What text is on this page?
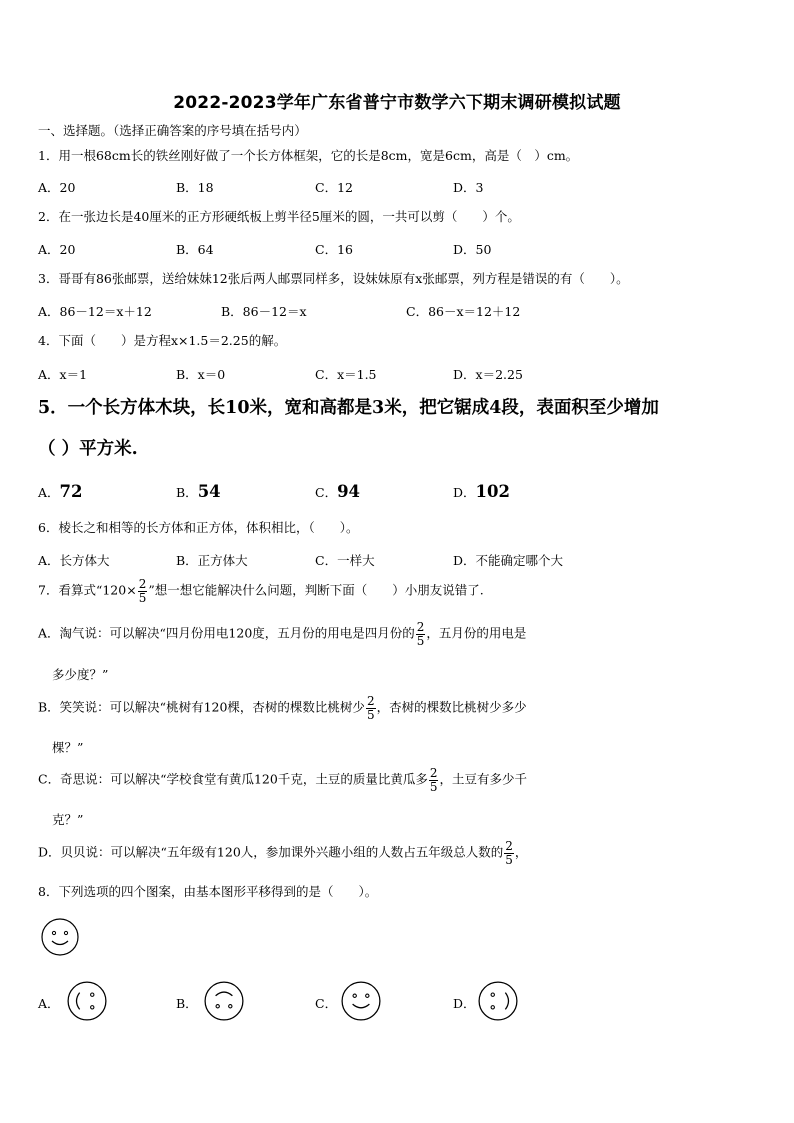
2022-2023学年广东省普宁市数学六下期末调研模拟试题
一、选择题。（选择正确答案的序号填在括号内）
1．用一根68cm长的铁丝刚好做了一个长方体框架，它的长是8cm，宽是6cm，高是（　）cm。
A．20	B．18	C．12	D．3
2．在一张边长是40厘米的正方形硬纸板上剪半径5厘米的圆，一共可以剪（　　）个。
A．20	B．64	C．16	D．50
3．哥哥有86张邮票，送给妹妹12张后两人邮票同样多，设妹妹原有x张邮票，列方程是错误的有（　　）。
A．86－12＝x＋12	B．86－12＝x	C．86－x＝12＋12
4．下面（　　）是方程x×1.5＝2.25的解。
A．x＝1	B．x＝0	C．x＝1.5	D．x＝2.25
5．一个长方体木块，长10米，宽和高都是3米，把它锯成4段，表面积至少增加
（ ）平方米.
A．72	B．54	C．94	D．102
6．棱长之和相等的长方体和正方体，体积相比，（　　）。
A．长方体大	B．正方体大	C．一样大	D．不能确定哪个大
7．看算式“$120\times \frac{2}{5}$ ”想一想它能解决什么问题，判断下面（　　）小朋友说错了.
A．淘气说：可以解决“四月份用电120度，五月份的用电是四月份的 $\frac{2}{5}$ ，五月份的用电是
多少度？”
B．笑笑说：可以解决“桃树有120棵，杏树的棵数比桃树少 $\frac{2}{5}$ ，杏树的棵数比桃树少多少
棵？”
C．奇思说：可以解决“学校食堂有黄瓜120千克，土豆的质量比黄瓜多 $\frac{2}{5}$ ，土豆有多少千
克？”
D．贝贝说：可以解决“五年级有120人，参加课外兴趣小组的人数占五年级总人数的 $\frac{2}{5}$ ，
8．下列选项的四个图案，由基本图形平移得到的是（　　）。
A．	B．	C．	D．
